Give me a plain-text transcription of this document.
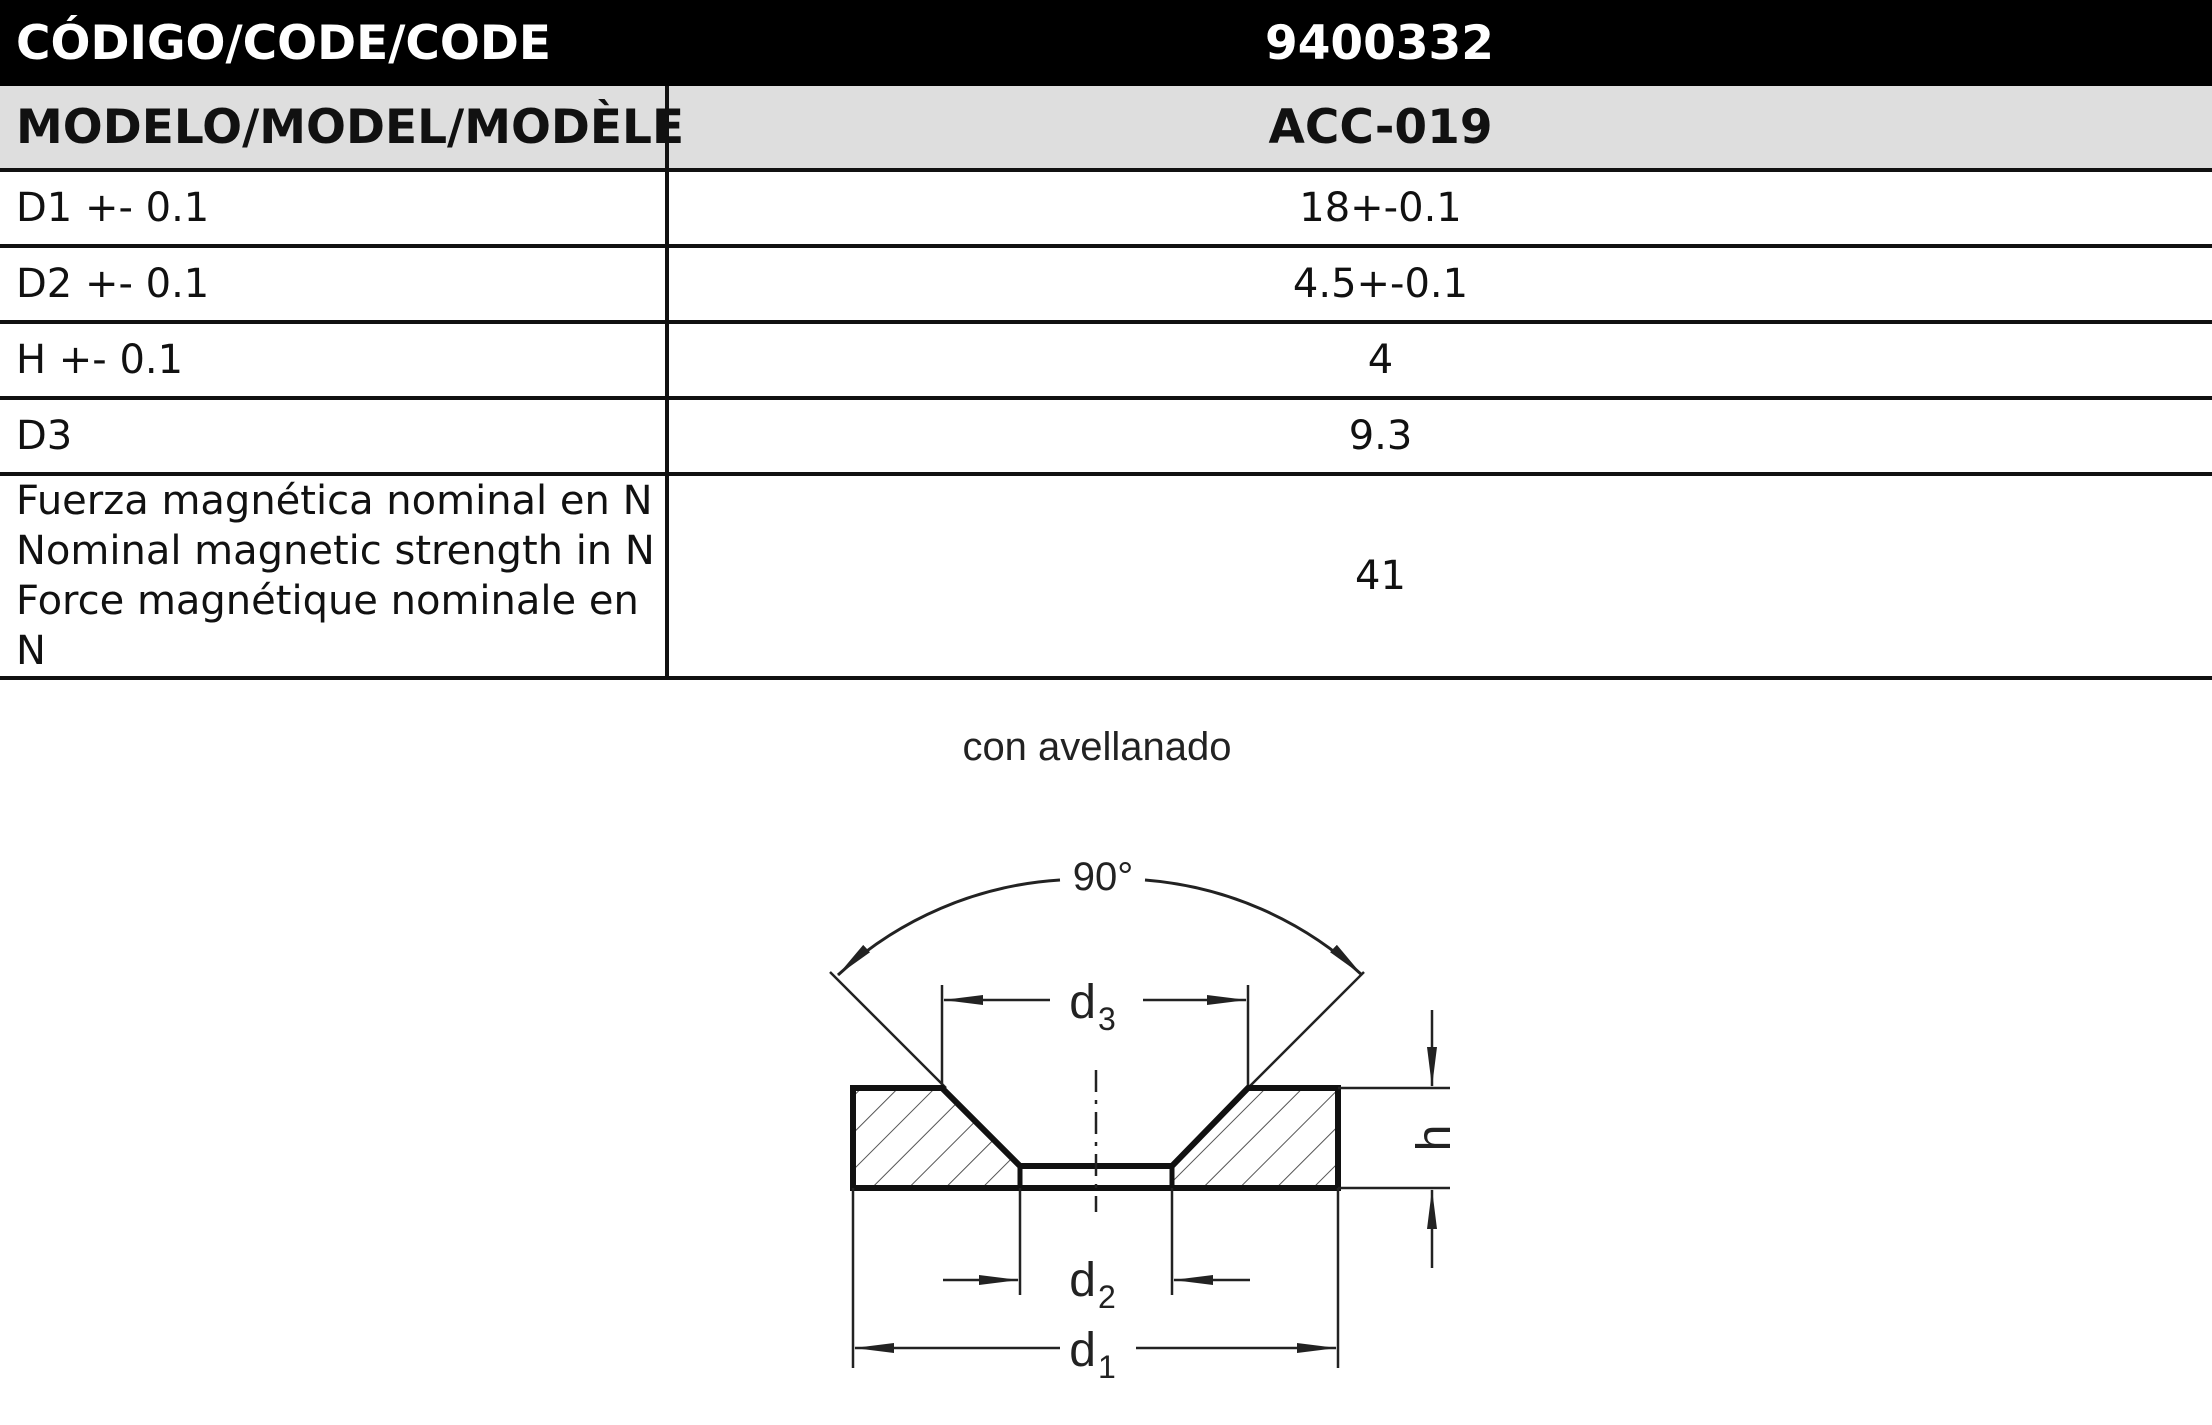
CÓDIGO/CODE/CODE	9400332
MODELO/MODEL/MODÈLE	ACC-019
D1 +- 0.1	18+-0.1
D2 +- 0.1	4.5+-0.1
H +- 0.1	4
D3	9.3

Fuerza magnética nominal en N
Nominal magnetic strength in N
Force magnétique nominale en N	41
con avellanado
90°
d 3
h
d 2
d 1
